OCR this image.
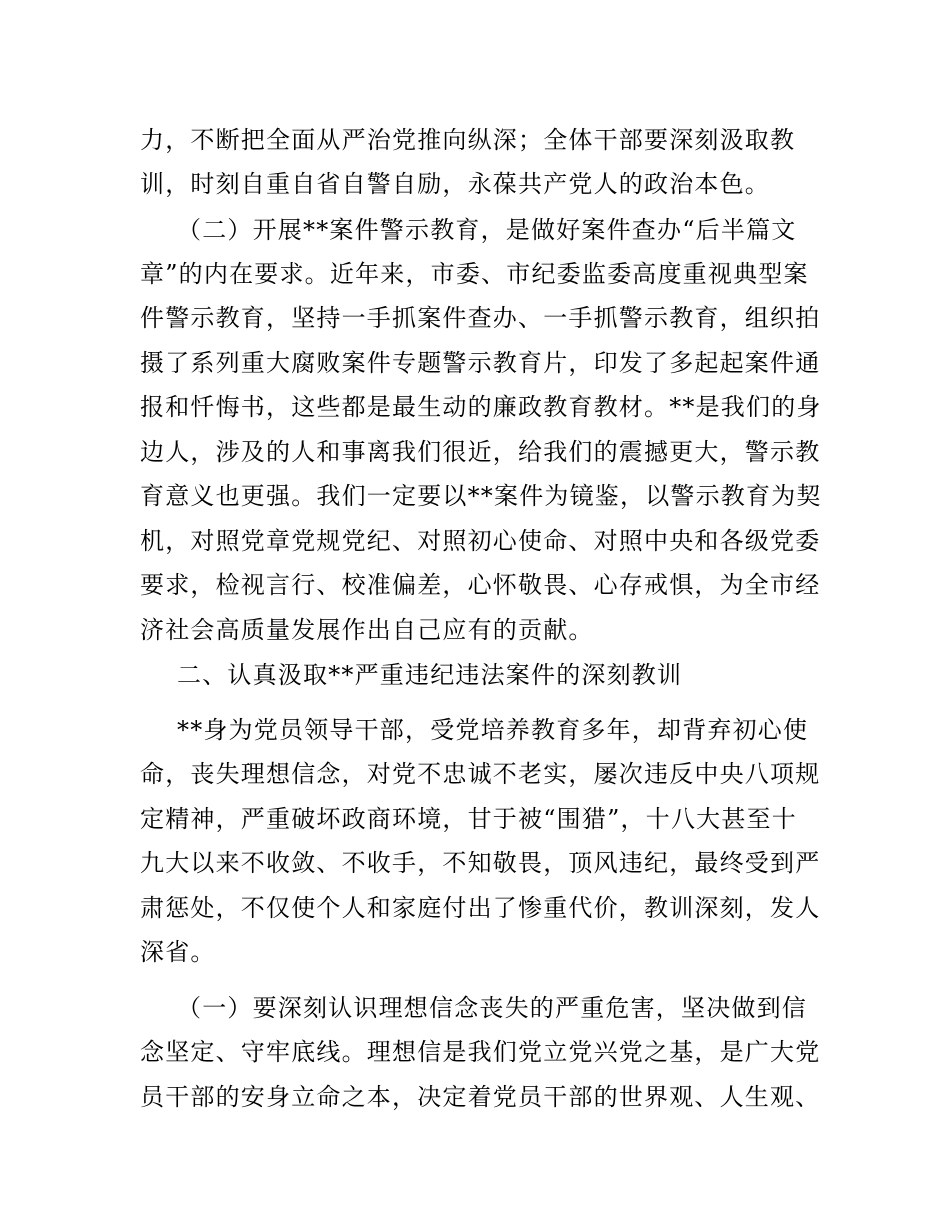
力，不断把全面从严治党推向纵深；全体干部要深刻汲取教
训，时刻自重自省自警自励，永葆共产党人的政治本色。
（二）开展**案件警示教育，是做好案件查办“后半篇文
章”的内在要求。近年来，市委、市纪委监委高度重视典型案
件警示教育，坚持一手抓案件查办、一手抓警示教育，组织拍
摄了系列重大腐败案件专题警示教育片，印发了多起起案件通
报和忏悔书，这些都是最生动的廉政教育教材。**是我们的身
边人，涉及的人和事离我们很近，给我们的震撼更大，警示教
育意义也更强。我们一定要以**案件为镜鉴，以警示教育为契
机，对照党章党规党纪、对照初心使命、对照中央和各级党委
要求，检视言行、校准偏差，心怀敬畏、心存戒惧，为全市经
济社会高质量发展作出自己应有的贡献。
二、认真汲取**严重违纪违法案件的深刻教训
**身为党员领导干部，受党培养教育多年，却背弃初心使
命，丧失理想信念，对党不忠诚不老实，屡次违反中央八项规
定精神，严重破坏政商环境，甘于被“围猎”，十八大甚至十
九大以来不收敛、不收手，不知敬畏，顶风违纪，最终受到严
肃惩处，不仅使个人和家庭付出了惨重代价，教训深刻，发人
深省。
（一）要深刻认识理想信念丧失的严重危害，坚决做到信
念坚定、守牢底线。理想信是我们党立党兴党之基，是广大党
员干部的安身立命之本，决定着党员干部的世界观、人生观、
